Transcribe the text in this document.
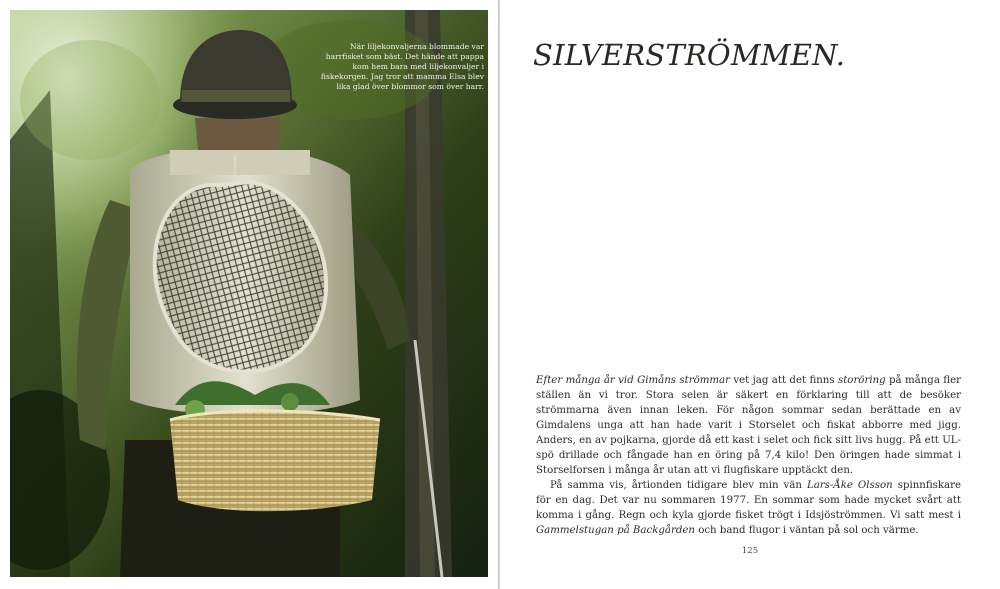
När liljekonvaljerna blommade var harrfisket som bäst. Det hände att pappa kom hem bara med liljekonvaljer i fiskekorgen. Jag tror att mamma Elsa blev lika glad över blommor som över harr.
SILVERSTRÖMMEN.

Efter många år vid Gimåns strömmar vet jag att det finns storöring på många fler ställen än vi tror. Stora selen är säkert en förklaring till att de besöker strömmarna även innan leken. För någon sommar sedan berättade en av Gimdalens unga att han hade varit i Storselet och fiskat abborre med jigg. Anders, en av pojkarna, gjorde då ett kast i selet och fick sitt livs hugg. På ett UL-spö drillade och fångade han en öring på 7,4 kilo! Den öringen hade simmat i Storselforsen i många år utan att vi flugfiskare upptäckt den.

På samma vis, årtionden tidigare blev min vän Lars-Åke Olsson spinnfiskare för en dag. Det var nu sommaren 1977. En sommar som hade mycket svårt att komma i gång. Regn och kyla gjorde fisket trögt i Idsjöströmmen. Vi satt mest i Gammelstugan på Backgården och band flugor i väntan på sol och värme.

125
